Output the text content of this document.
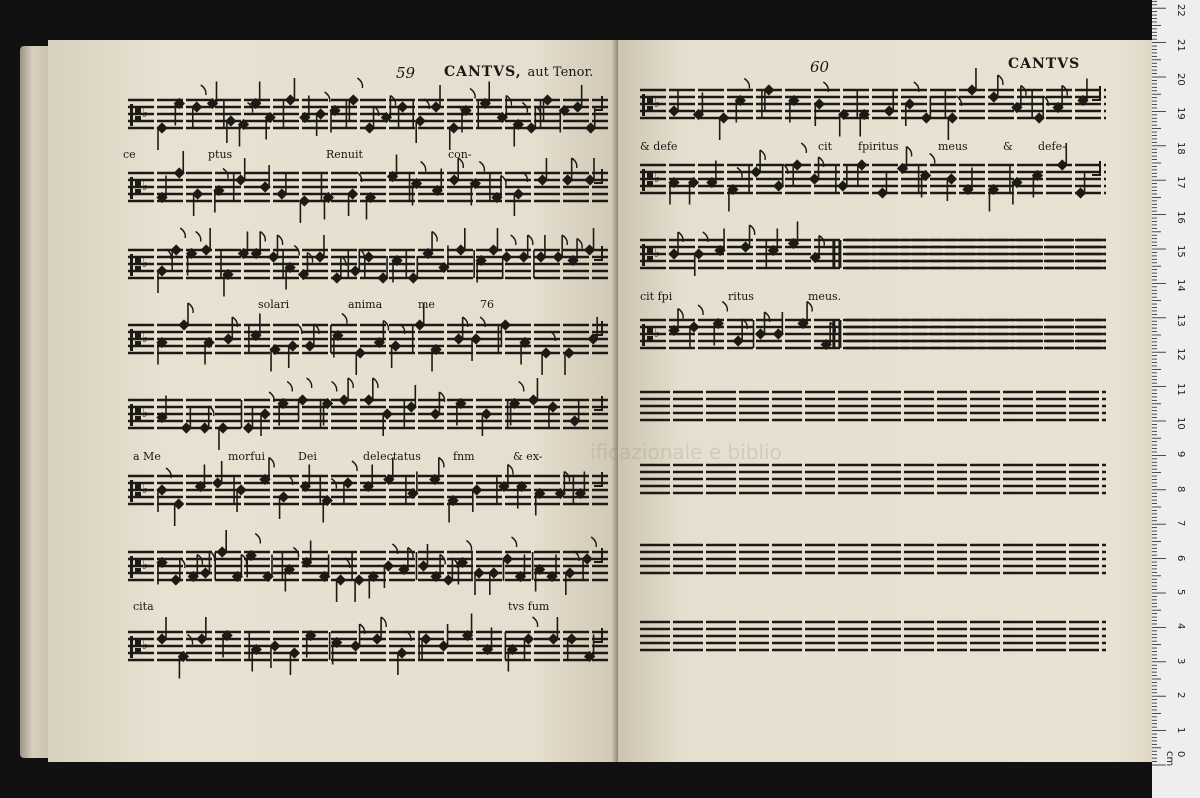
59 CANTVS, aut Tenor.
♭
ce	ptus	Renuit	con-
♭
♭
solari	anima	me	76
♭
♭
a Me	morfui	Dei	delectatus	fnm	& ex-
♭
♭
cita	tvs fum
♭
60	CANTVS
♭
& defe	cit fpiritus	meus	& defe-
♭
♭
cit fpi	ritus	meus.
♭
ificazionale e biblio
0 cm
1
2
3
4
5
6
7
8
9
10
11
12
13
14
15
16
17
18
19
20
21
22
